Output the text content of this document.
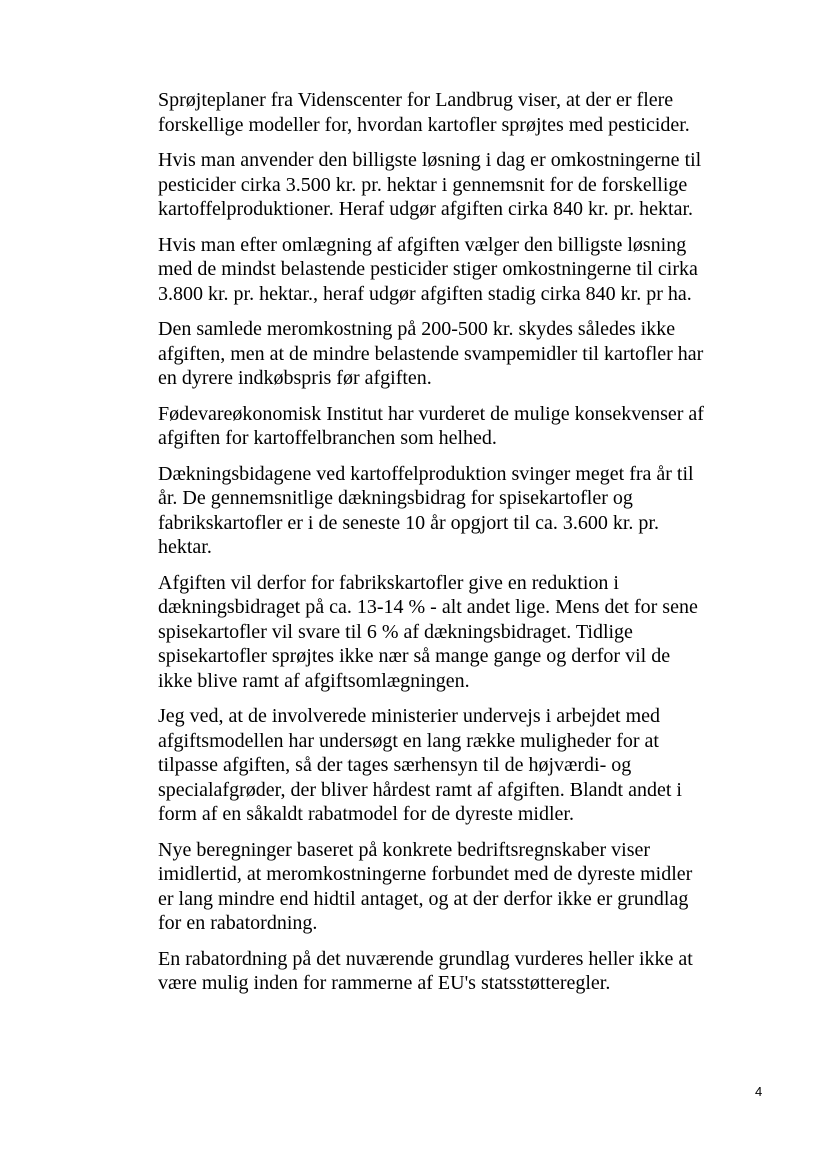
Sprøjteplaner fra Videnscenter for Landbrug viser, at der er flere
forskellige modeller for, hvordan kartofler sprøjtes med pesticider.

Hvis man anvender den billigste løsning i dag er omkostningerne til
pesticider cirka 3.500 kr. pr. hektar i gennemsnit for de forskellige
kartoffelproduktioner. Heraf udgør afgiften cirka 840 kr. pr. hektar.

Hvis man efter omlægning af afgiften vælger den billigste løsning
med de mindst belastende pesticider stiger omkostningerne til cirka
3.800 kr. pr. hektar., heraf udgør afgiften stadig cirka 840 kr. pr ha.

Den samlede meromkostning på 200-500 kr. skydes således ikke
afgiften, men at de mindre belastende svampemidler til kartofler har
en dyrere indkøbspris før afgiften.

Fødevareøkonomisk Institut har vurderet de mulige konsekvenser af
afgiften for kartoffelbranchen som helhed.

Dækningsbidagene ved kartoffelproduktion svinger meget fra år til
år. De gennemsnitlige dækningsbidrag for spisekartofler og
fabrikskartofler er i de seneste 10 år opgjort til ca. 3.600 kr. pr.
hektar.

Afgiften vil derfor for fabrikskartofler give en reduktion i
dækningsbidraget på ca. 13-14 % - alt andet lige. Mens det for sene
spisekartofler vil svare til 6 % af dækningsbidraget. Tidlige
spisekartofler sprøjtes ikke nær så mange gange og derfor vil de
ikke blive ramt af afgiftsomlægningen.

Jeg ved, at de involverede ministerier undervejs i arbejdet med
afgiftsmodellen har undersøgt en lang række muligheder for at
tilpasse afgiften, så der tages særhensyn til de højværdi- og
specialafgrøder, der bliver hårdest ramt af afgiften. Blandt andet i
form af en såkaldt rabatmodel for de dyreste midler.

Nye beregninger baseret på konkrete bedriftsregnskaber viser
imidlertid, at meromkostningerne forbundet med de dyreste midler
er lang mindre end hidtil antaget, og at der derfor ikke er grundlag
for en rabatordning.

En rabatordning på det nuværende grundlag vurderes heller ikke at
være mulig inden for rammerne af EU's statsstøtteregler.

4
